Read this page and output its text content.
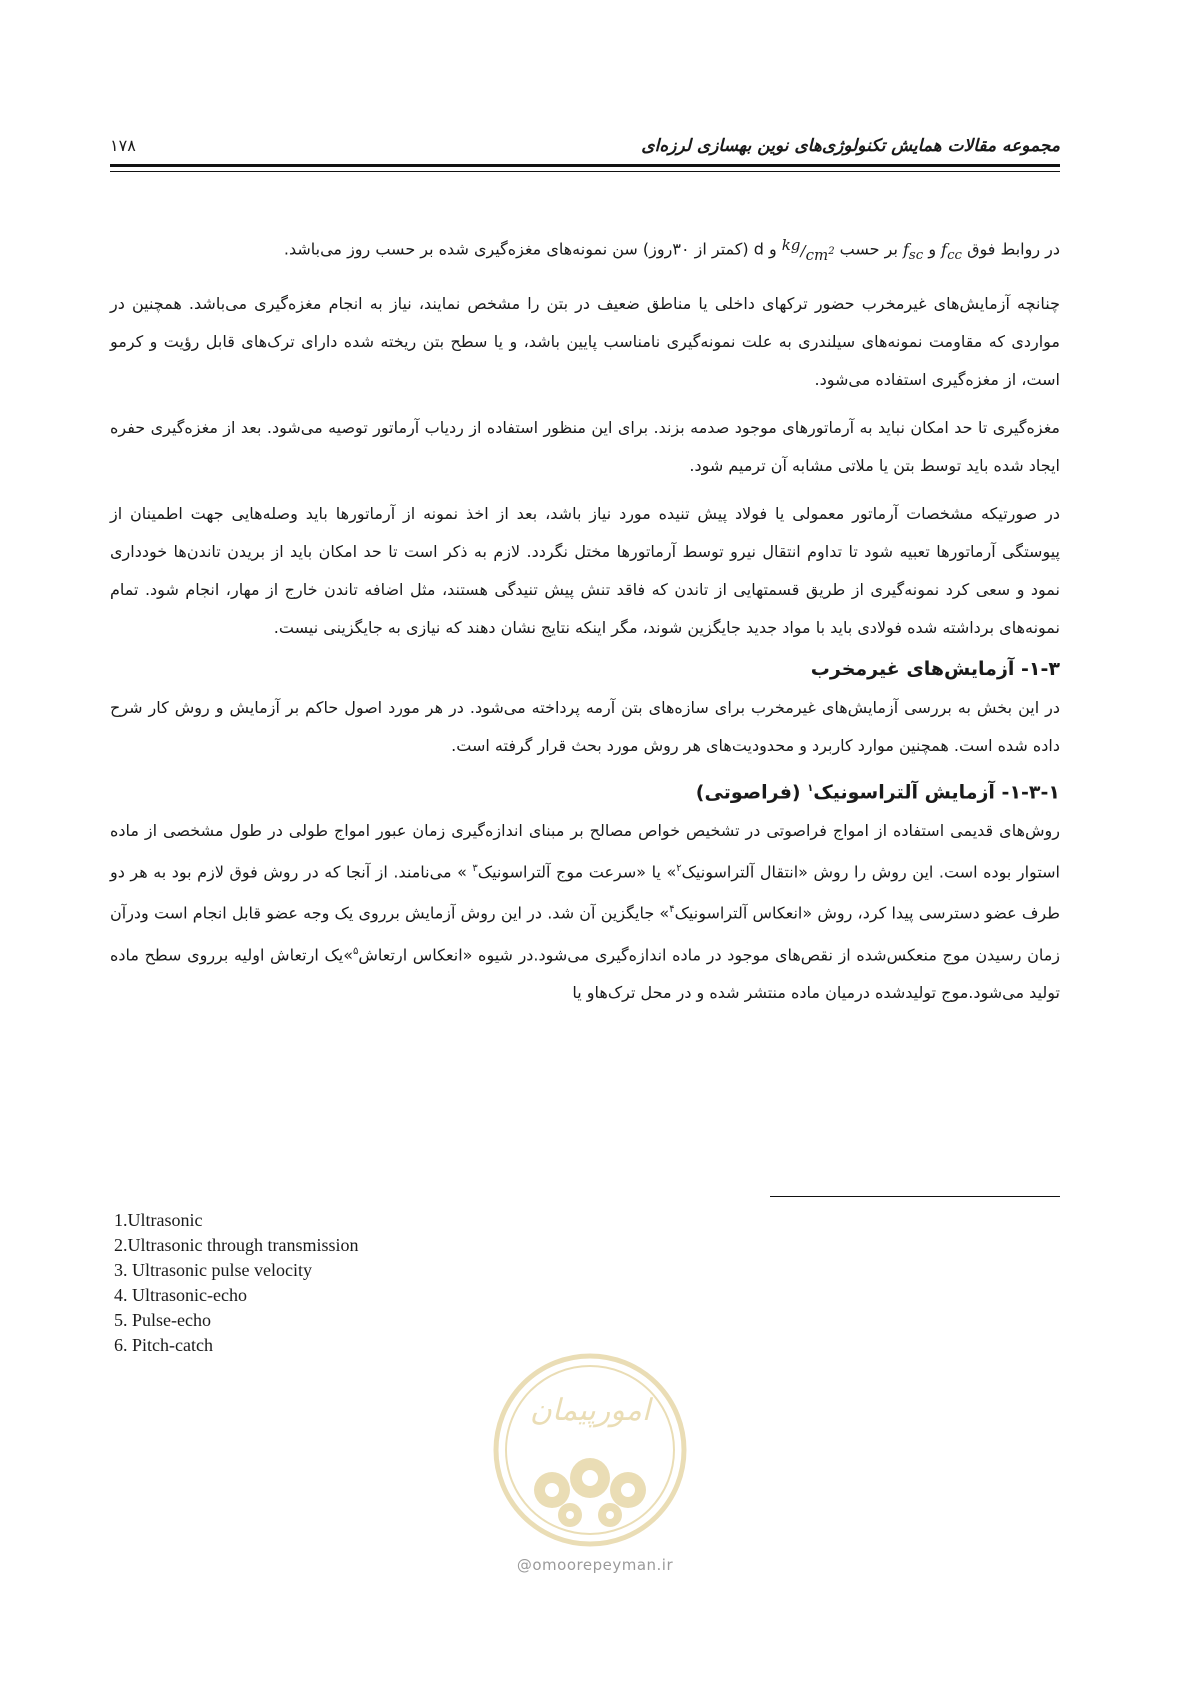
مجموعه مقالات همایش تکنولوژی‌های نوین بهسازی لرزه‌ای
۱۷۸

در روابط فوق $f_{cc}$ و $f_{sc}$ بر حسب $^{kg}/_{cm^2}$ و d (کمتر از ۳۰روز) سن نمونه‌های مغزه‌گیری شده بر حسب روز می‌باشد.

چنانچه آزمایش‌های غیرمخرب حضور ترکهای داخلی یا مناطق ضعیف در بتن را مشخص نمایند، نیاز به انجام مغزه‌گیری می‌باشد. همچنین در مواردی که مقاومت نمونه‌های سیلندری به علت نمونه‌گیری نامناسب پایین باشد، و یا سطح بتن ریخته شده دارای ترک‌های قابل رؤیت و کرمو است، از مغزه‌گیری استفاده می‌شود.

مغزه‌گیری تا حد امکان نباید به آرماتورهای موجود صدمه بزند. برای این منظور استفاده از ردیاب آرماتور توصیه می‌شود. بعد از مغزه‌گیری حفره ایجاد شده باید توسط بتن یا ملاتی مشابه آن ترمیم شود.

در صورتیکه مشخصات آرماتور معمولی یا فولاد پیش تنیده مورد نیاز باشد، بعد از اخذ نمونه از آرماتورها باید وصله‌هایی جهت اطمینان از پیوستگی آرماتورها تعبیه شود تا تداوم انتقال نیرو توسط آرماتورها مختل نگردد. لازم به ذکر است تا حد امکان باید از بریدن تاندن‌ها خودداری نمود و سعی کرد نمونه‌گیری از طریق قسمتهایی از تاندن که فاقد تنش پیش تنیدگی هستند، مثل اضافه تاندن خارج از مهار، انجام شود. تمام نمونه‌های برداشته شده فولادی باید با مواد جدید جایگزین شوند، مگر اینکه نتایج نشان دهند که نیازی به جایگزینی نیست.

۱-۳- آزمایش‌های غیرمخرب

در این بخش به بررسی آزمایش‌های غیرمخرب برای سازه‌های بتن آرمه پرداخته می‌شود. در هر مورد اصول حاکم بر آزمایش و روش کار شرح داده شده است. همچنین موارد کاربرد و محدودیت‌های هر روش مورد بحث قرار گرفته است.

۱-۳-۱- آزمایش آلتراسونیک$^۱$ (فراصوتی)

روش‌های قدیمی استفاده از امواج فراصوتی در تشخیص خواص مصالح بر مبنای اندازه‌گیری زمان عبور امواج طولی در طول مشخصی از ماده استوار بوده است. این روش را روش «انتقال آلتراسونیک$^۲$» یا «سرعت موج آلتراسونیک$^۳$ » می‌نامند. از آنجا که در روش فوق لازم بود به هر دو طرف عضو دسترسی پیدا کرد، روش «انعکاس آلتراسونیک$^۴$» جایگزین آن شد. در این روش آزمایش برروی یک وجه عضو قابل انجام است ودرآن زمان رسیدن موج منعکس‌شده از نقص‌های موجود در ماده اندازه‌گیری می‌شود.در شیوه «انعکاس ارتعاش$^۵$»یک ارتعاش اولیه برروی سطح ماده تولید می‌شود.موج تولیدشده درمیان ماده منتشر شده و در محل ترک‌هاو یا

1.Ultrasonic
2.Ultrasonic through transmission
3. Ultrasonic pulse velocity
4. Ultrasonic-echo
5. Pulse-echo
6. Pitch-catch
امورپیمان
@omoorepeyman.ir
